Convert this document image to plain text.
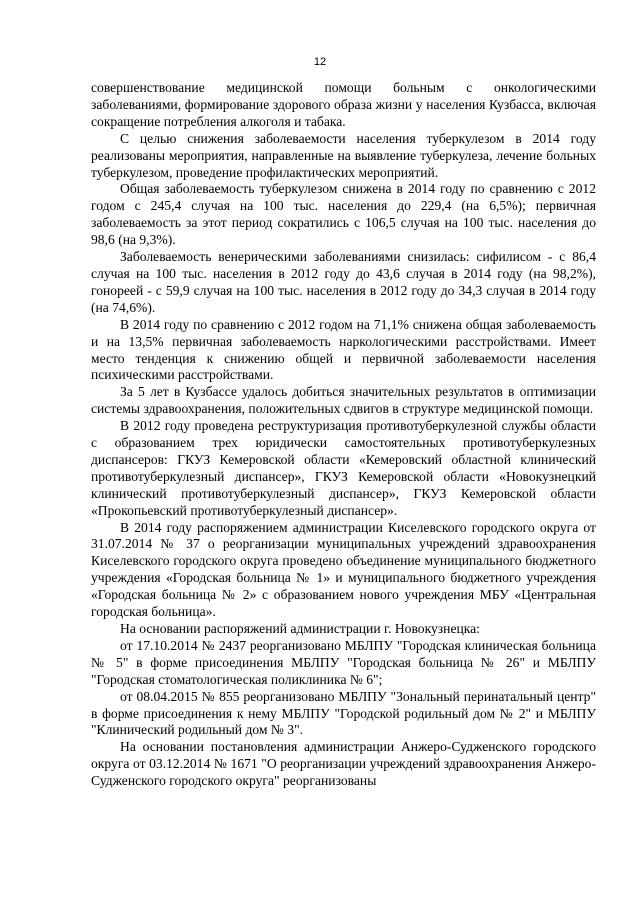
12

совершенствование медицинской помощи больным с онкологическими заболеваниями, формирование здорового образа жизни у населения Кузбасса, включая сокращение потребления алкоголя и табака.

С целью снижения заболеваемости населения туберкулезом в 2014 году реализованы мероприятия, направленные на выявление туберкулеза, лечение больных туберкулезом, проведение профилактических мероприятий.

Общая заболеваемость туберкулезом снижена в 2014 году по сравнению с 2012 годом с 245,4 случая на 100 тыс. населения до 229,4 (на 6,5%); первичная заболеваемость за этот период сократились с 106,5 случая на 100 тыс. населения до 98,6 (на 9,3%).

Заболеваемость венерическими заболеваниями снизилась: сифилисом - с 86,4 случая на 100 тыс. населения в 2012 году до 43,6 случая в 2014 году (на 98,2%), гонореей - с 59,9 случая на 100 тыс. населения в 2012 году до 34,3 случая в 2014 году (на 74,6%).

В 2014 году по сравнению с 2012 годом на 71,1% снижена общая заболеваемость и на 13,5% первичная заболеваемость наркологическими расстройствами. Имеет место тенденция к снижению общей и первичной заболеваемости населения психическими расстройствами.

За 5 лет в Кузбассе удалось добиться значительных результатов в оптимизации системы здравоохранения, положительных сдвигов в структуре медицинской помощи.

В 2012 году проведена реструктуризация противотуберкулезной службы области с образованием трех юридически самостоятельных противотуберкулезных диспансеров: ГКУЗ Кемеровской области «Кемеровский областной клинический противотуберкулезный диспансер», ГКУЗ Кемеровской области «Новокузнецкий клинический противотуберкулезный диспансер», ГКУЗ Кемеровской области «Прокопьевский противотуберкулезный диспансер».

В 2014 году распоряжением администрации Киселевского городского округа от 31.07.2014 № 37 о реорганизации муниципальных учреждений здравоохранения Киселевского городского округа проведено объединение муниципального бюджетного учреждения «Городская больница № 1» и муниципального бюджетного учреждения «Городская больница № 2» с образованием нового учреждения МБУ «Центральная городская больница».

На основании распоряжений администрации г. Новокузнецка:

от 17.10.2014 № 2437 реорганизовано МБЛПУ "Городская клиническая больница № 5" в форме присоединения МБЛПУ "Городская больница № 26" и МБЛПУ "Городская стоматологическая поликлиника № 6";

от 08.04.2015 № 855 реорганизовано МБЛПУ "Зональный перинатальный центр" в форме присоединения к нему МБЛПУ "Городской родильный дом № 2" и МБЛПУ "Клинический родильный дом № 3".

На основании постановления администрации Анжеро-Судженского городского округа от 03.12.2014 № 1671 "О реорганизации учреждений здравоохранения Анжеро-Судженского городского округа" реорганизованы
